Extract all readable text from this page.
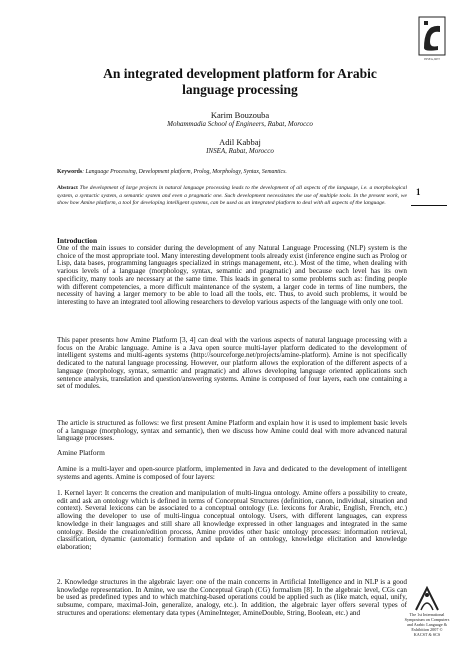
INSEA, RPT
An integrated development platform for Arabic
language processing
Karim Bouzouba
Mohammadia School of Engineers, Rabat, Morocco
Adil Kabbaj
INSEA, Rabat, Morocco
Keywords: Language Processing, Development platform, Prolog, Morphology, Syntax, Semantics.
Abstract The development of large projects in natural language processing leads to the development of all aspects of the language, i.e. a morphological system, a syntactic system, a semantic system and even a pragmatic one. Such development necessitates the use of multiple tools. In the present work, we show how Amine platform, a tool for developing intelligent systems, can be used as an integrated platform to deal with all aspects of the language.
1
Introduction
One of the main issues to consider during the development of any Natural Language Processing (NLP) system is the choice of the most appropriate tool. Many interesting development tools already exist (inference engine such as Prolog or Lisp, data bases, programming languages specialized in strings management, etc.). Most of the time, when dealing with various levels of a language (morphology, syntax, semantic and pragmatic) and because each level has its own specificity, many tools are necessary at the same time. This leads in general to some problems such as: finding people with different competencies, a more difficult maintenance of the system, a larger code in terms of line numbers, the necessity of having a larger memory to be able to load all the tools, etc. Thus, to avoid such problems, it would be interesting to have an integrated tool allowing researchers to develop various aspects of the language with only one tool.
This paper presents how Amine Platform [3, 4] can deal with the various aspects of natural language processing with a focus on the Arabic language. Amine is a Java open source multi-layer platform dedicated to the development of intelligent systems and multi-agents systems (http://sourceforge.net/projects/amine-platform). Amine is not specifically dedicated to the natural language processing. However, our platform allows the exploration of the different aspects of a language (morphology, syntax, semantic and pragmatic) and allows developing language oriented applications such sentence analysis, translation and question/answering systems. Amine is composed of four layers, each one containing a set of modules.
The article is structured as follows: we first present Amine Platform and explain how it is used to implement basic levels of a language (morphology, syntax and semantic), then we discuss how Amine could deal with more advanced natural language processes.
Amine Platform
Amine is a multi-layer and open-source platform, implemented in Java and dedicated to the development of intelligent systems and agents. Amine is composed of four layers:
1. Kernel layer: It concerns the creation and manipulation of multi-lingua ontology. Amine offers a possibility to create, edit and ask an ontology which is defined in terms of Conceptual Structures (definition, canon, individual, situation and context). Several lexicons can be associated to a conceptual ontology (i.e. lexicons for Arabic, English, French, etc.) allowing the developer to use of multi-lingua conceptual ontology. Users, with different languages, can express knowledge in their languages and still share all knowledge expressed in other languages and integrated in the same ontology. Beside the creation/edition process, Amine provides other basic ontology processes: information retrieval, classification, dynamic (automatic) formation and update of an ontology, knowledge elicitation and knowledge elaboration;
2. Knowledge structures in the algebraic layer: one of the main concerns in Artificial Intelligence and in NLP is a good knowledge representation. In Amine, we use the Conceptual Graph (CG) formalism [8]. In the algebraic level, CGs can be used as predefined types and to which matching-based operations could be applied such as (like match, equal, unify, subsume, compare, maximal-Join, generalize, analogy, etc.). In addition, the algebraic layer offers several types of structures and operations: elementary data types (AmineInteger, AmineDouble, String, Boolean, etc.) and	The 1st International Symposium on Computers and Arabic Language & Exhibition 2007 © KACST & SCS
